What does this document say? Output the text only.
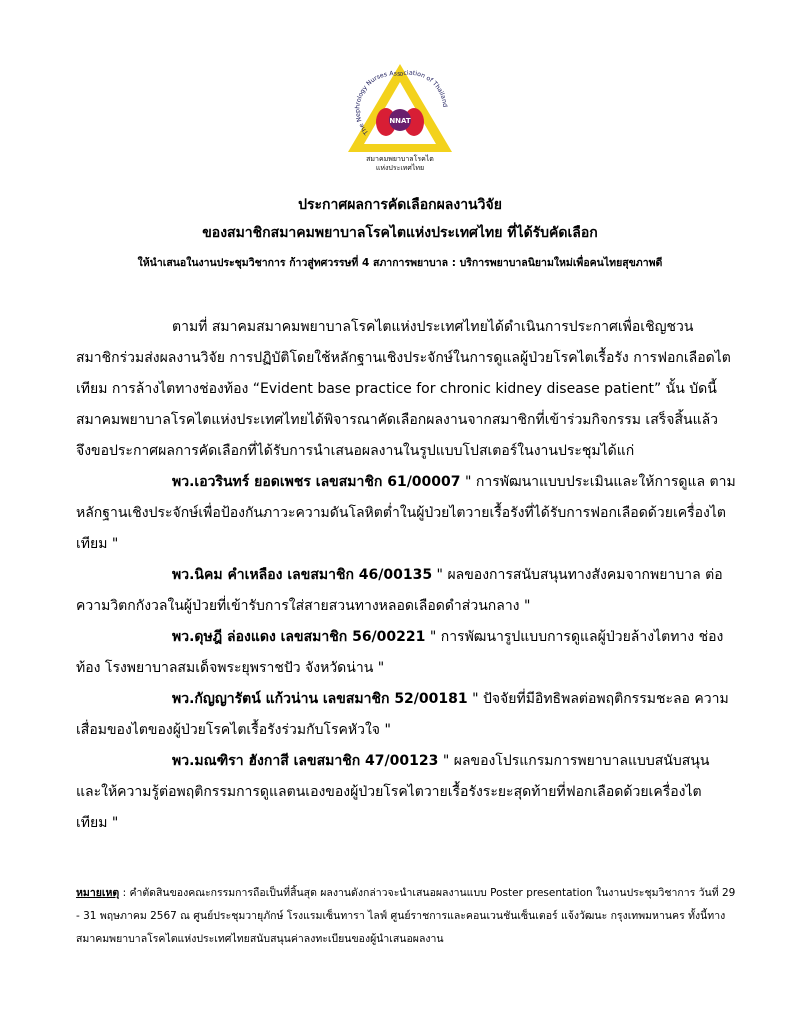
The Nephrology Nurses Association of Thailand
NNAT
สมาคมพยาบาลโรคไต
แห่งประเทศไทย
ประกาศผลการคัดเลือกผลงานวิจัย
ของสมาชิกสมาคมพยาบาลโรคไตแห่งประเทศไทย ที่ได้รับคัดเลือก
ให้นำเสนอในงานประชุมวิชาการ ก้าวสู่ทศวรรษที่ 4 สภาการพยาบาล : บริการพยาบาลนิยามใหม่เพื่อคนไทยสุขภาพดี

ตามที่ สมาคมสมาคมพยาบาลโรคไตแห่งประเทศไทยได้ดำเนินการประกาศเพื่อเชิญชวน สมาชิกร่วมส่งผลงานวิจัย การปฏิบัติโดยใช้หลักฐานเชิงประจักษ์ในการดูแลผู้ป่วยโรคไตเรื้อรัง การฟอกเลือดไตเทียม การล้างไตทางช่องท้อง “Evident base practice for chronic kidney disease patient” นั้น บัดนี้ สมาคมพยาบาลโรคไตแห่งประเทศไทยได้พิจารณาคัดเลือกผลงานจากสมาชิกที่เข้าร่วมกิจกรรม เสร็จสิ้นแล้ว จึงขอประกาศผลการคัดเลือกที่ได้รับการนำเสนอผลงานในรูปแบบโปสเตอร์ในงานประชุมได้แก่

พว.เอวรินทร์ ยอดเพชร เลขสมาชิก 61/00007 " การพัฒนาแบบประเมินและให้การดูแล ตามหลักฐานเชิงประจักษ์เพื่อป้องกันภาวะความดันโลหิตต่ำในผู้ป่วยไตวายเรื้อรังที่ได้รับการฟอกเลือดด้วยเครื่องไตเทียม "

พว.นิคม คำเหลือง เลขสมาชิก 46/00135 " ผลของการสนับสนุนทางสังคมจากพยาบาล ต่อความวิตกกังวลในผู้ป่วยที่เข้ารับการใส่สายสวนทางหลอดเลือดดำส่วนกลาง "

พว.ดุษฎี ล่องแดง เลขสมาชิก 56/00221 " การพัฒนารูปแบบการดูแลผู้ป่วยล้างไตทาง ช่องท้อง โรงพยาบาลสมเด็จพระยุพราชปัว จังหวัดน่าน "

พว.กัญญารัตน์ แก้วน่าน เลขสมาชิก 52/00181 " ปัจจัยที่มีอิทธิพลต่อพฤติกรรมชะลอ ความเสื่อมของไตของผู้ป่วยโรคไตเรื้อรังร่วมกับโรคหัวใจ "

พว.มณฑิรา ฮังกาสี เลขสมาชิก 47/00123 " ผลของโปรแกรมการพยาบาลแบบสนับสนุน และให้ความรู้ต่อพฤติกรรมการดูแลตนเองของผู้ป่วยโรคไตวายเรื้อรังระยะสุดท้ายที่ฟอกเลือดด้วยเครื่องไต เทียม "

หมายเหตุ : คำตัดสินของคณะกรรมการถือเป็นที่สิ้นสุด ผลงานดังกล่าวจะนำเสนอผลงานแบบ Poster presentation ในงานประชุมวิชาการ วันที่ 29 - 31 พฤษภาคม 2567 ณ ศูนย์ประชุมวายุภักษ์ โรงแรมเซ็นทารา ไลฟ์ ศูนย์ราชการและคอนเวนชันเซ็นเตอร์ แจ้งวัฒนะ กรุงเทพมหานคร ทั้งนี้ทางสมาคมพยาบาลโรคไตแห่งประเทศไทยสนับสนุนค่าลงทะเบียนของผู้นำเสนอผลงาน
